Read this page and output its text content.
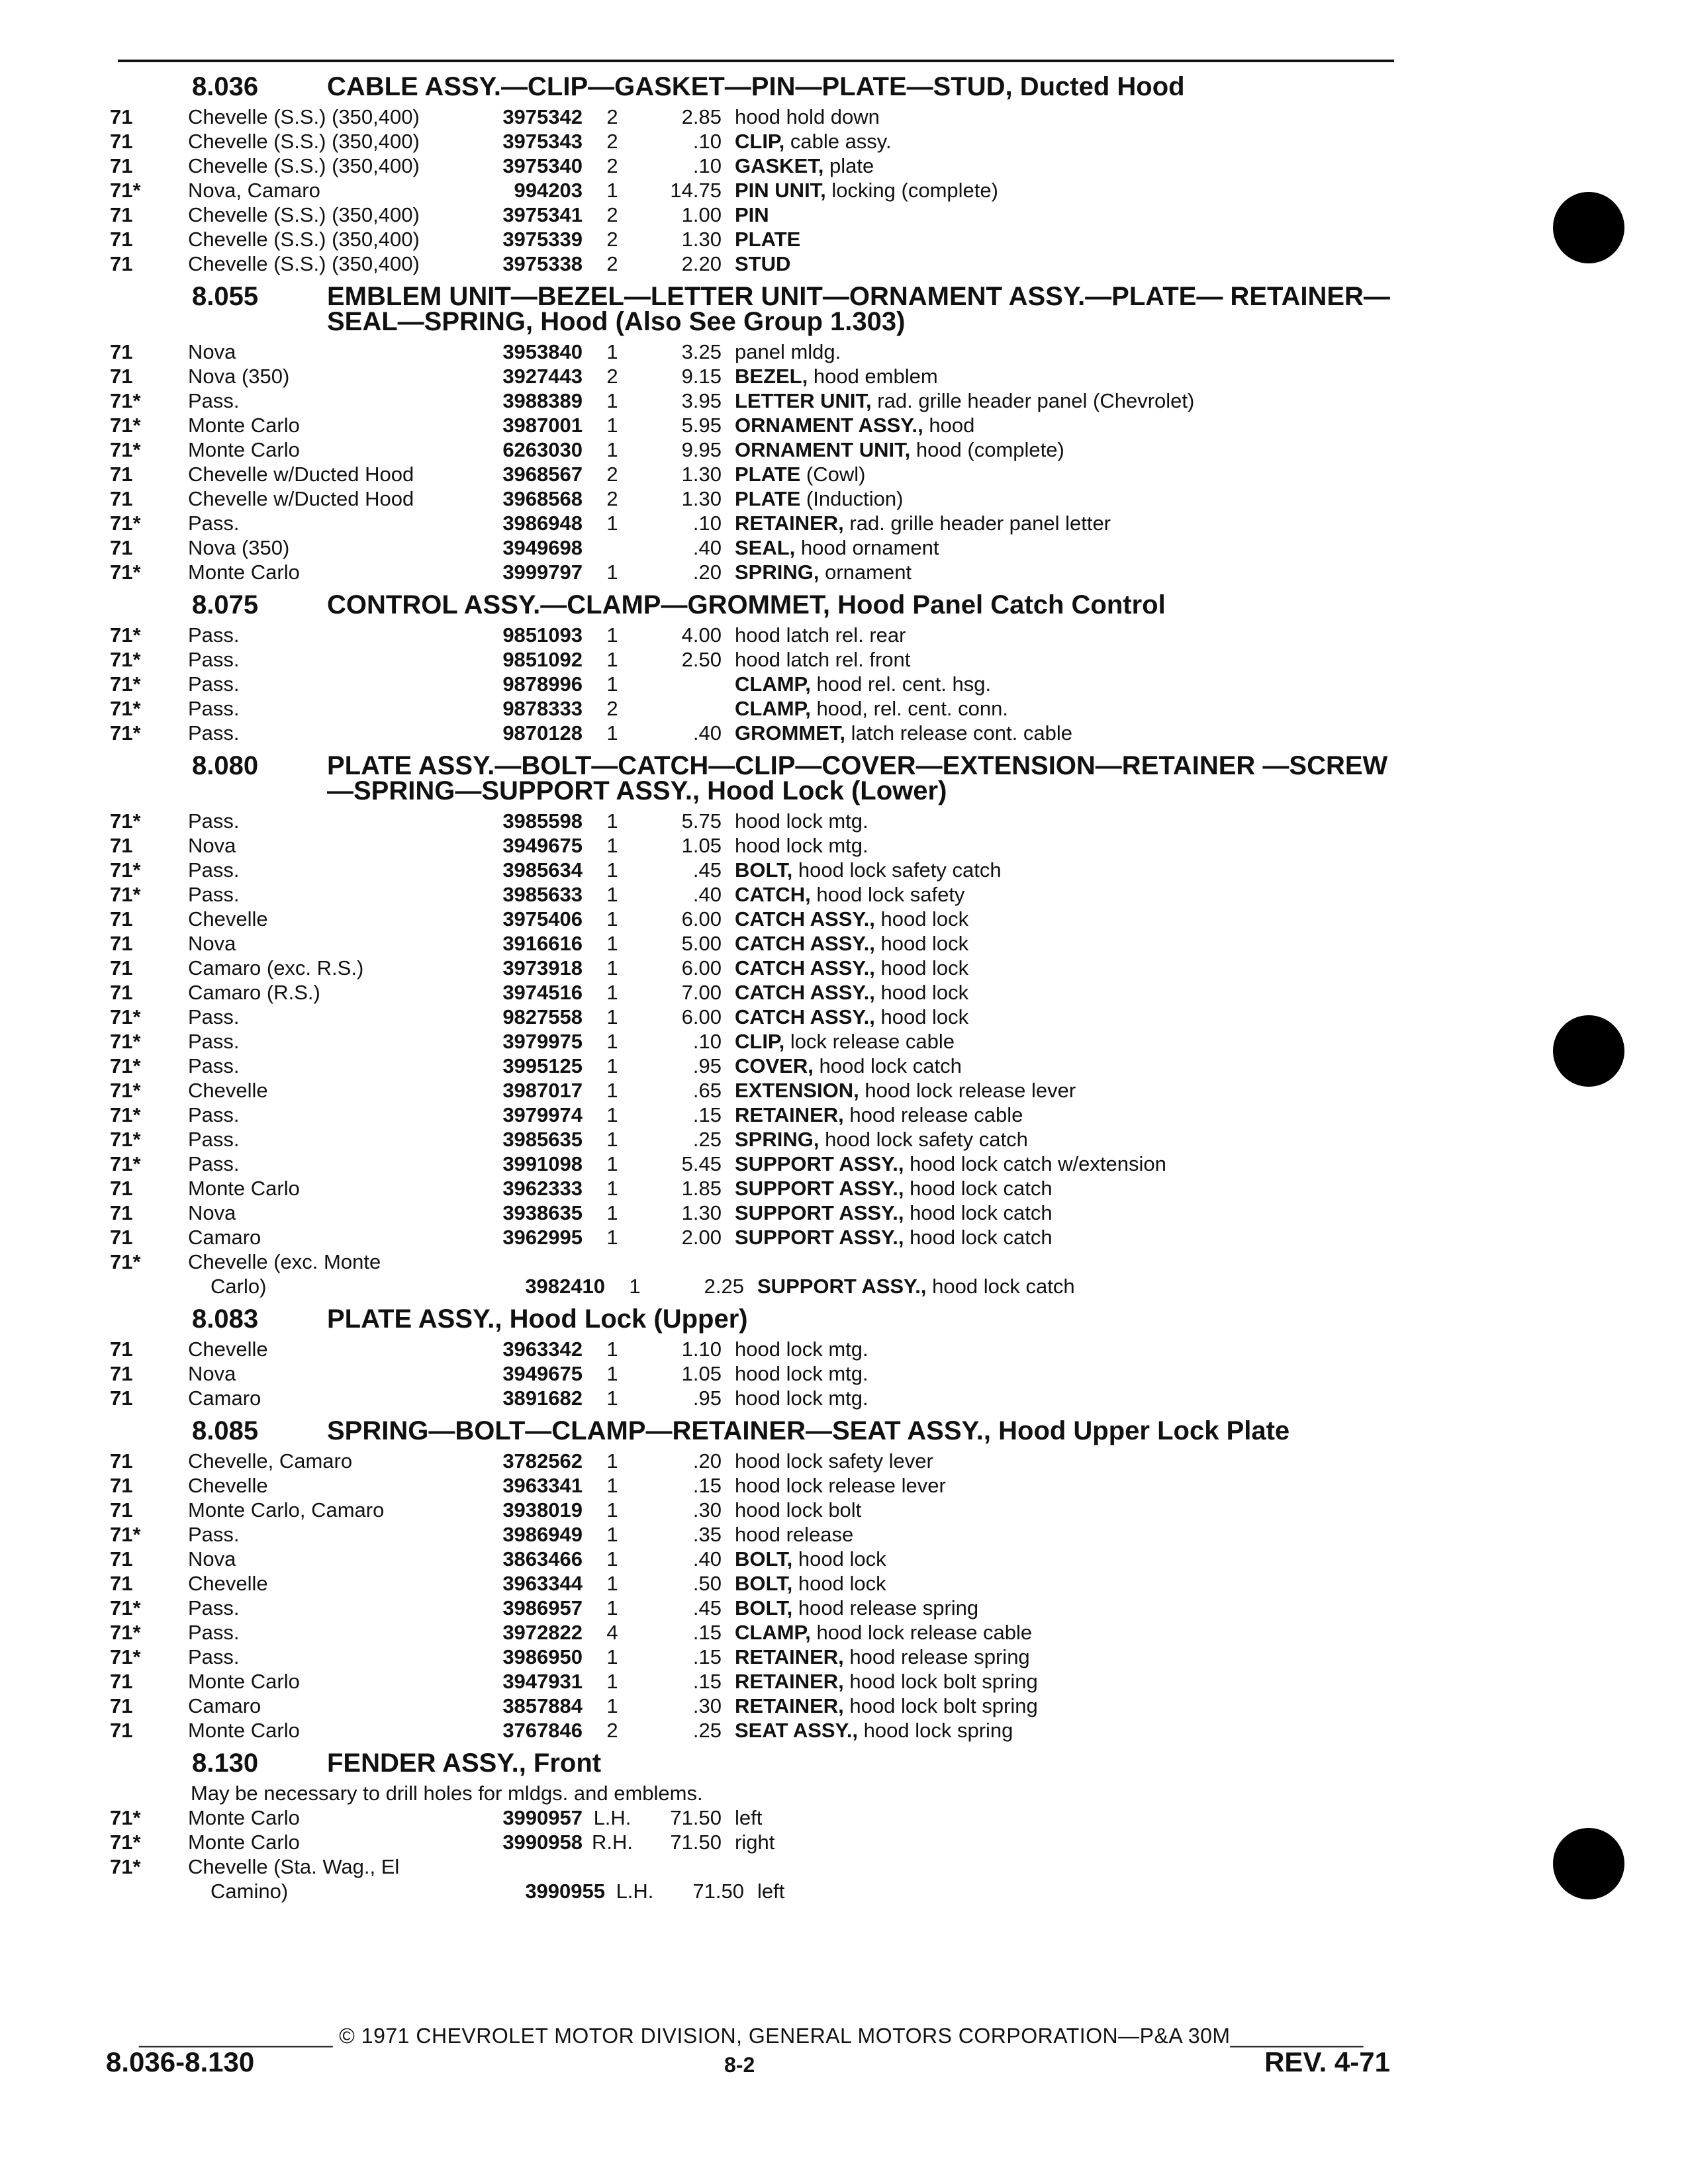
8.036	CABLE ASSY.—CLIP—GASKET—PIN—PLATE—STUD, Ducted Hood
71	Chevelle (S.S.) (350,400)	3975342	2	2.85 hood hold down
71	Chevelle (S.S.) (350,400)	3975343	2	.10 CLIP, cable assy.
71	Chevelle (S.S.) (350,400)	3975340	2	.10 GASKET, plate
71*	Nova, Camaro	994203	1	14.75 PIN UNIT, locking (complete)
71	Chevelle (S.S.) (350,400)	3975341	2	1.00 PIN
71	Chevelle (S.S.) (350,400)	3975339	2	1.30 PLATE
71	Chevelle (S.S.) (350,400)	3975338	2	2.20 STUD
8.055	EMBLEM UNIT—BEZEL—LETTER UNIT—ORNAMENT ASSY.—PLATE— RETAINER—SEAL—SPRING, Hood (Also See Group 1.303)
71	Nova	3953840	1	3.25 panel mldg.
71	Nova (350)	3927443	2	9.15 BEZEL, hood emblem
71*	Pass.	3988389	1	3.95 LETTER UNIT, rad. grille header panel (Chevrolet)
71*	Monte Carlo	3987001	1	5.95 ORNAMENT ASSY., hood
71*	Monte Carlo	6263030	1	9.95 ORNAMENT UNIT, hood (complete)
71	Chevelle w/Ducted Hood	3968567	2	1.30 PLATE (Cowl)
71	Chevelle w/Ducted Hood	3968568	2	1.30 PLATE (Induction)
71*	Pass.	3986948	1	.10 RETAINER, rad. grille header panel letter
71	Nova (350)	3949698	.40 SEAL, hood ornament
71*	Monte Carlo	3999797	1	.20 SPRING, ornament
8.075	CONTROL ASSY.—CLAMP—GROMMET, Hood Panel Catch Control
71*	Pass.	9851093	1	4.00 hood latch rel. rear
71*	Pass.	9851092	1	2.50 hood latch rel. front
71*	Pass.	9878996	1	CLAMP, hood rel. cent. hsg.
71*	Pass.	9878333	2	CLAMP, hood, rel. cent. conn.
71*	Pass.	9870128	1	.40 GROMMET, latch release cont. cable
8.080	PLATE ASSY.—BOLT—CATCH—CLIP—COVER—EXTENSION—RETAINER —SCREW—SPRING—SUPPORT ASSY., Hood Lock (Lower)
71*	Pass.	3985598	1	5.75 hood lock mtg.
71	Nova	3949675	1	1.05 hood lock mtg.
71*	Pass.	3985634	1	.45 BOLT, hood lock safety catch
71*	Pass.	3985633	1	.40 CATCH, hood lock safety
71	Chevelle	3975406	1	6.00 CATCH ASSY., hood lock
71	Nova	3916616	1	5.00 CATCH ASSY., hood lock
71	Camaro (exc. R.S.)	3973918	1	6.00 CATCH ASSY., hood lock
71	Camaro (R.S.)	3974516	1	7.00 CATCH ASSY., hood lock
71*	Pass.	9827558	1	6.00 CATCH ASSY., hood lock
71*	Pass.	3979975	1	.10 CLIP, lock release cable
71*	Pass.	3995125	1	.95 COVER, hood lock catch
71*	Chevelle	3987017	1	.65 EXTENSION, hood lock release lever
71*	Pass.	3979974	1	.15 RETAINER, hood release cable
71*	Pass.	3985635	1	.25 SPRING, hood lock safety catch
71*	Pass.	3991098	1	5.45 SUPPORT ASSY., hood lock catch w/extension
71	Monte Carlo	3962333	1	1.85 SUPPORT ASSY., hood lock catch
71	Nova	3938635	1	1.30 SUPPORT ASSY., hood lock catch
71	Camaro	3962995	1	2.00 SUPPORT ASSY., hood lock catch
71*	Chevelle (exc. Monte
Carlo)	3982410	1	2.25 SUPPORT ASSY., hood lock catch
8.083	PLATE ASSY., Hood Lock (Upper)
71	Chevelle	3963342	1	1.10 hood lock mtg.
71	Nova	3949675	1	1.05 hood lock mtg.
71	Camaro	3891682	1	.95 hood lock mtg.
8.085	SPRING—BOLT—CLAMP—RETAINER—SEAT ASSY., Hood Upper Lock Plate
71	Chevelle, Camaro	3782562	1	.20 hood lock safety lever
71	Chevelle	3963341	1	.15 hood lock release lever
71	Monte Carlo, Camaro	3938019	1	.30 hood lock bolt
71*	Pass.	3986949	1	.35 hood release
71	Nova	3863466	1	.40 BOLT, hood lock
71	Chevelle	3963344	1	.50 BOLT, hood lock
71*	Pass.	3986957	1	.45 BOLT, hood release spring
71*	Pass.	3972822	4	.15 CLAMP, hood lock release cable
71*	Pass.	3986950	1	.15 RETAINER, hood release spring
71	Monte Carlo	3947931	1	.15 RETAINER, hood lock bolt spring
71	Camaro	3857884	1	.30 RETAINER, hood lock bolt spring
71	Monte Carlo	3767846	2	.25 SEAT ASSY., hood lock spring
8.130	FENDER ASSY., Front
May be necessary to drill holes for mldgs. and emblems.
71*	Monte Carlo	3990957 L.H.	71.50 left
71*	Monte Carlo	3990958 R.H.	71.50 right
71*	Chevelle (Sta. Wag., El
Camino)	3990955 L.H.	71.50 left
________________ © 1971 CHEVROLET MOTOR DIVISION, GENERAL MOTORS CORPORATION—P&A 30M___________
8.036-8.130	8-2	REV. 4-71
